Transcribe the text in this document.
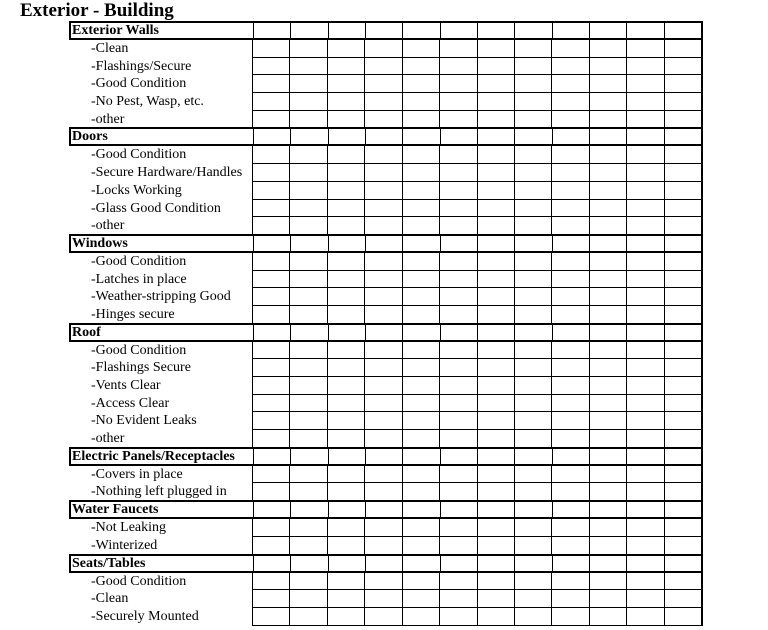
Exterior - Building
Exterior Walls
-Clean
-Flashings/Secure
-Good Condition
-No Pest, Wasp, etc.
-other
Doors
-Good Condition
-Secure Hardware/Handles
-Locks Working
-Glass Good Condition
-other
Windows
-Good Condition
-Latches in place
-Weather-stripping Good
-Hinges secure
Roof
-Good Condition
-Flashings Secure
-Vents Clear
-Access Clear
-No Evident Leaks
-other
Electric Panels/Receptacles
-Covers in place
-Nothing left plugged in
Water Faucets
-Not Leaking
-Winterized
Seats/Tables
-Good Condition
-Clean
-Securely Mounted
